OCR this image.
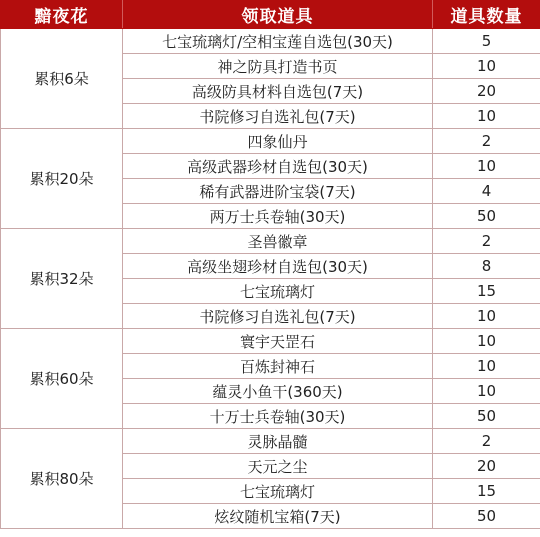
黯夜花	领取道具	道具数量
累积6朵	七宝琉璃灯/空相宝莲自选包(30天)	5
	神之防具打造书页	10
	高级防具材料自选包(7天)	20
	书院修习自选礼包(7天)	10
累积20朵	四象仙丹	2
	高级武器珍材自选包(30天)	10
	稀有武器进阶宝袋(7天)	4
	两万士兵卷轴(30天)	50
累积32朵	圣兽徽章	2
	高级坐翅珍材自选包(30天)	8
	七宝琉璃灯	15
	书院修习自选礼包(7天)	10
累积60朵	寰宇天罡石	10
	百炼封神石	10
	蕴灵小鱼干(360天)	10
	十万士兵卷轴(30天)	50
累积80朵	灵脉晶髓	2
	天元之尘	20
	七宝琉璃灯	15
	炫纹随机宝箱(7天)	50
